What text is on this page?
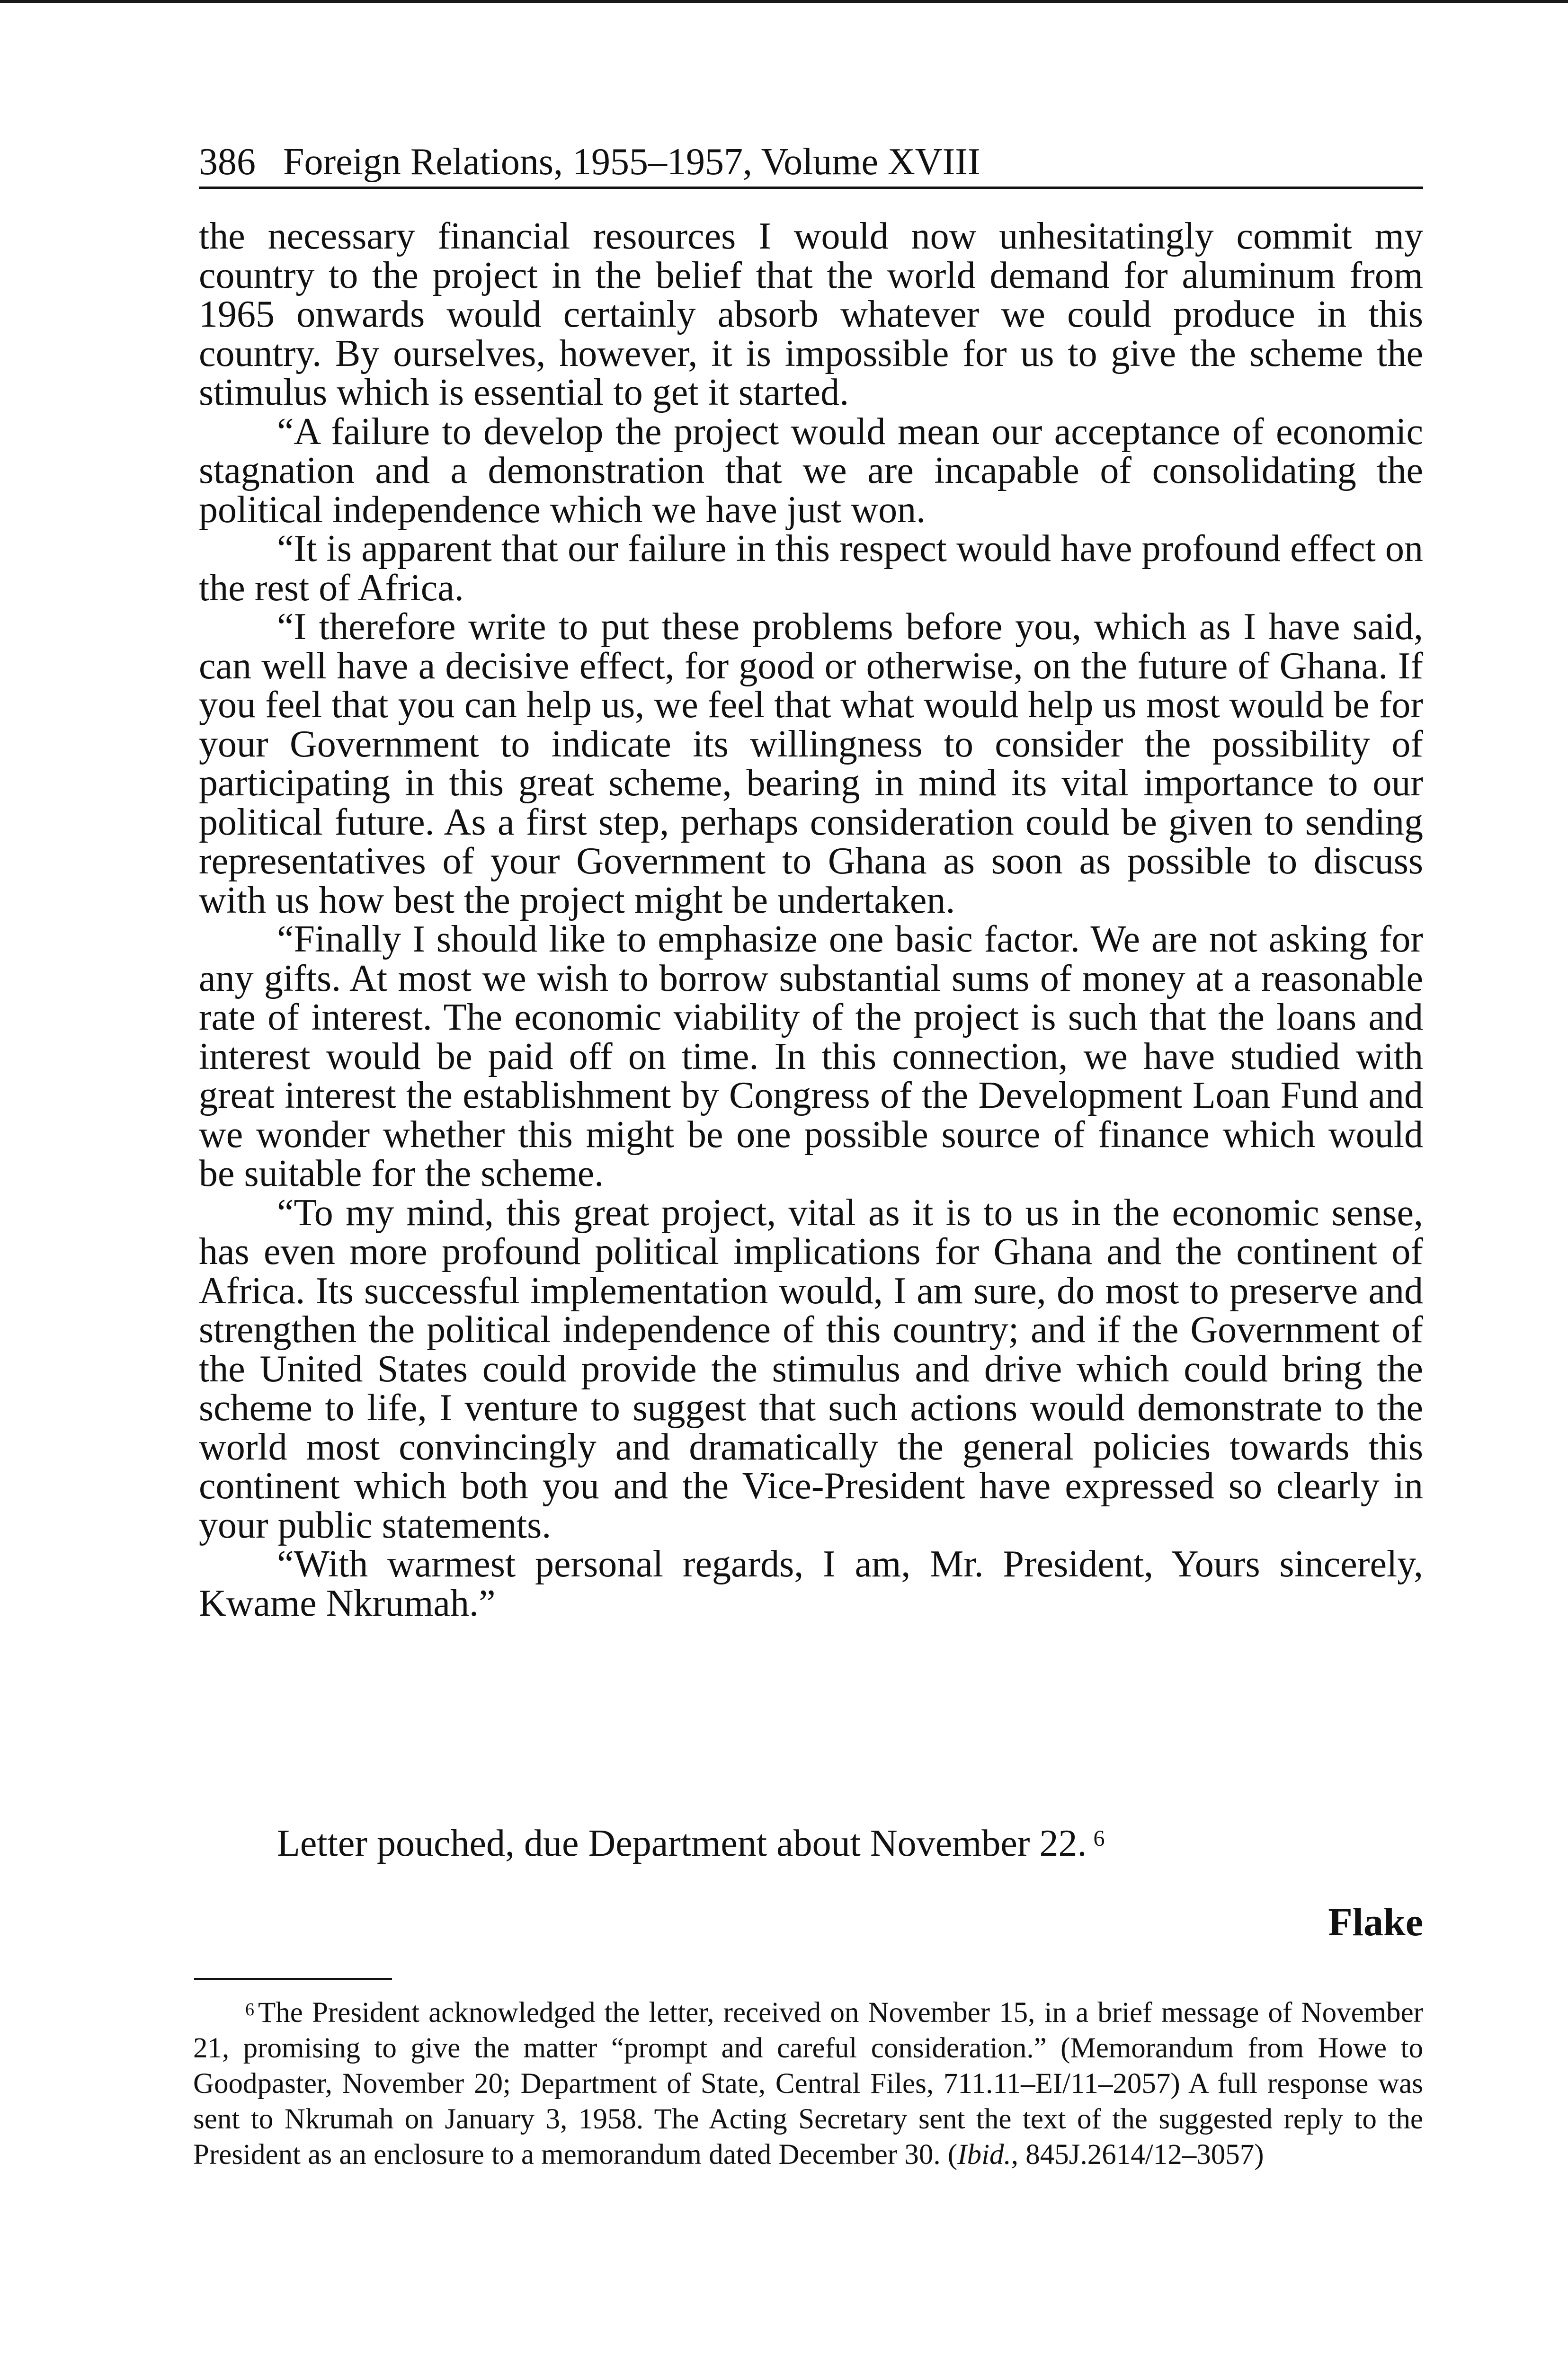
386 Foreign Relations, 1955–1957, Volume XVIII

the necessary financial resources I would now unhesitatingly commit my country to the project in the belief that the world demand for aluminum from 1965 onwards would certainly absorb whatever we could produce in this country. By ourselves, however, it is impossible for us to give the scheme the stimulus which is essential to get it started.

“A failure to develop the project would mean our acceptance of economic stagnation and a demonstration that we are incapable of consolidating the political independence which we have just won.

“It is apparent that our failure in this respect would have profound effect on the rest of Africa.

“I therefore write to put these problems before you, which as I have said, can well have a decisive effect, for good or otherwise, on the future of Ghana. If you feel that you can help us, we feel that what would help us most would be for your Government to indicate its willingness to consider the possibility of participating in this great scheme, bearing in mind its vital importance to our political future. As a first step, perhaps consideration could be given to sending representatives of your Government to Ghana as soon as possible to discuss with us how best the project might be undertaken.

“Finally I should like to emphasize one basic factor. We are not asking for any gifts. At most we wish to borrow substantial sums of money at a reasonable rate of interest. The economic viability of the project is such that the loans and interest would be paid off on time. In this connection, we have studied with great interest the establishment by Congress of the Development Loan Fund and we wonder whether this might be one possible source of finance which would be suitable for the scheme.

“To my mind, this great project, vital as it is to us in the economic sense, has even more profound political implications for Ghana and the continent of Africa. Its successful implementation would, I am sure, do most to preserve and strengthen the political independence of this country; and if the Government of the United States could provide the stimulus and drive which could bring the scheme to life, I venture to suggest that such actions would demonstrate to the world most convincingly and dramatically the general policies towards this continent which both you and the Vice-President have expressed so clearly in your public statements.

“With warmest personal regards, I am, Mr. President, Yours sincerely, Kwame Nkrumah.”

Letter pouched, due Department about November 22. $^6$
Flake

$^6$ The President acknowledged the letter, received on November 15, in a brief message of November 21, promising to give the matter “prompt and careful consideration.” (Memorandum from Howe to Goodpaster, November 20; Department of State, Central Files, 711.11–EI/11–2057) A full response was sent to Nkrumah on January 3, 1958. The Acting Secretary sent the text of the suggested reply to the President as an enclosure to a memorandum dated December 30. (Ibid., 845J.2614/12–3057)
